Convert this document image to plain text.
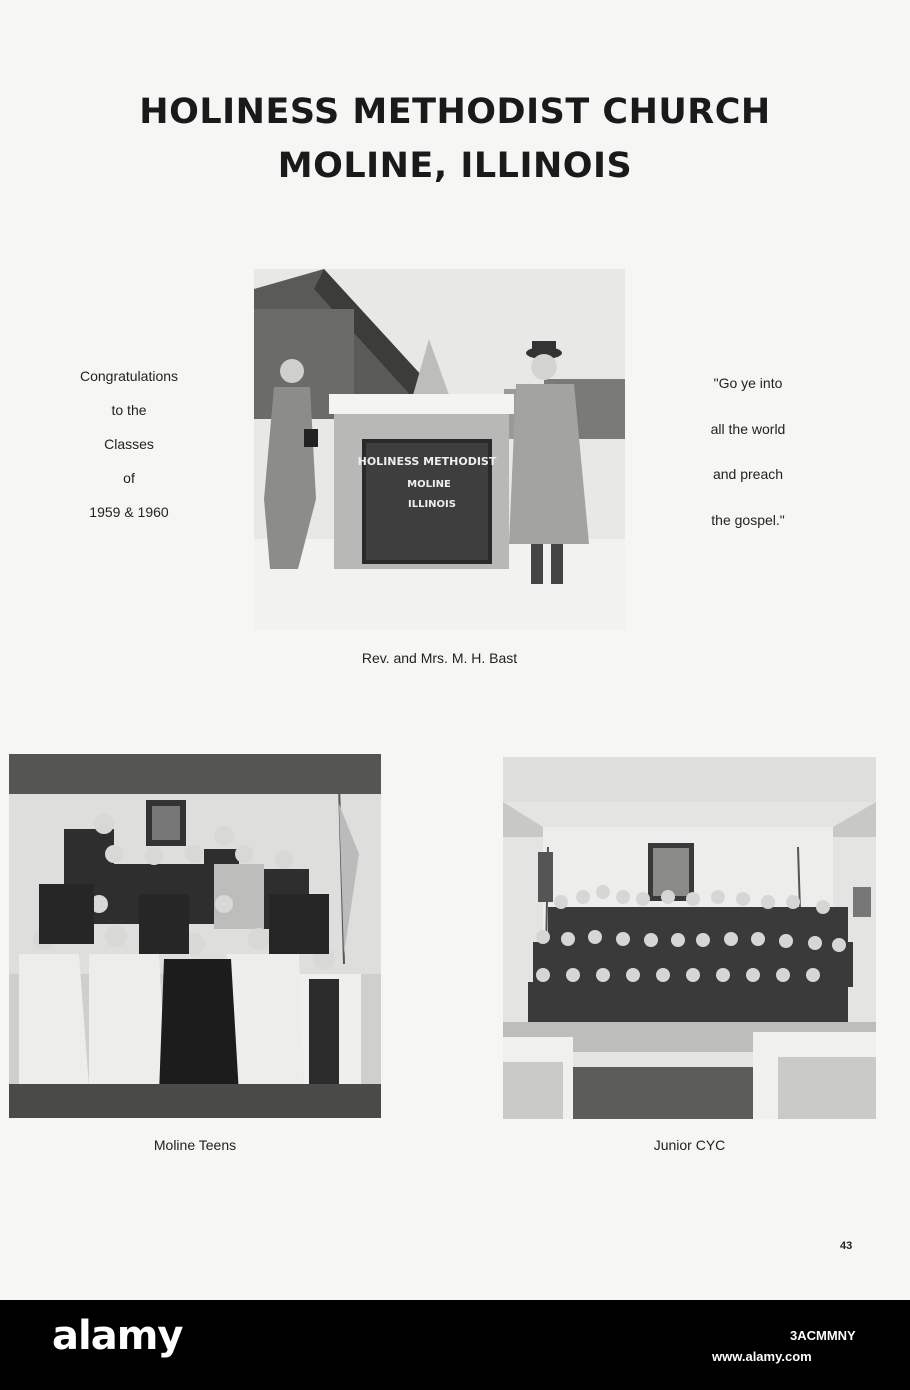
HOLINESS METHODIST CHURCH
MOLINE, ILLINOIS
Congratulations
to the
Classes
of
1959 & 1960
"Go ye into
all the world
and preach
the gospel."
HOLINESS METHODIST
MOLINE
ILLINOIS
Rev. and Mrs. M. H. Bast
Moline Teens	Junior CYC
43
alamy	3ACMMNY
www.alamy.com
